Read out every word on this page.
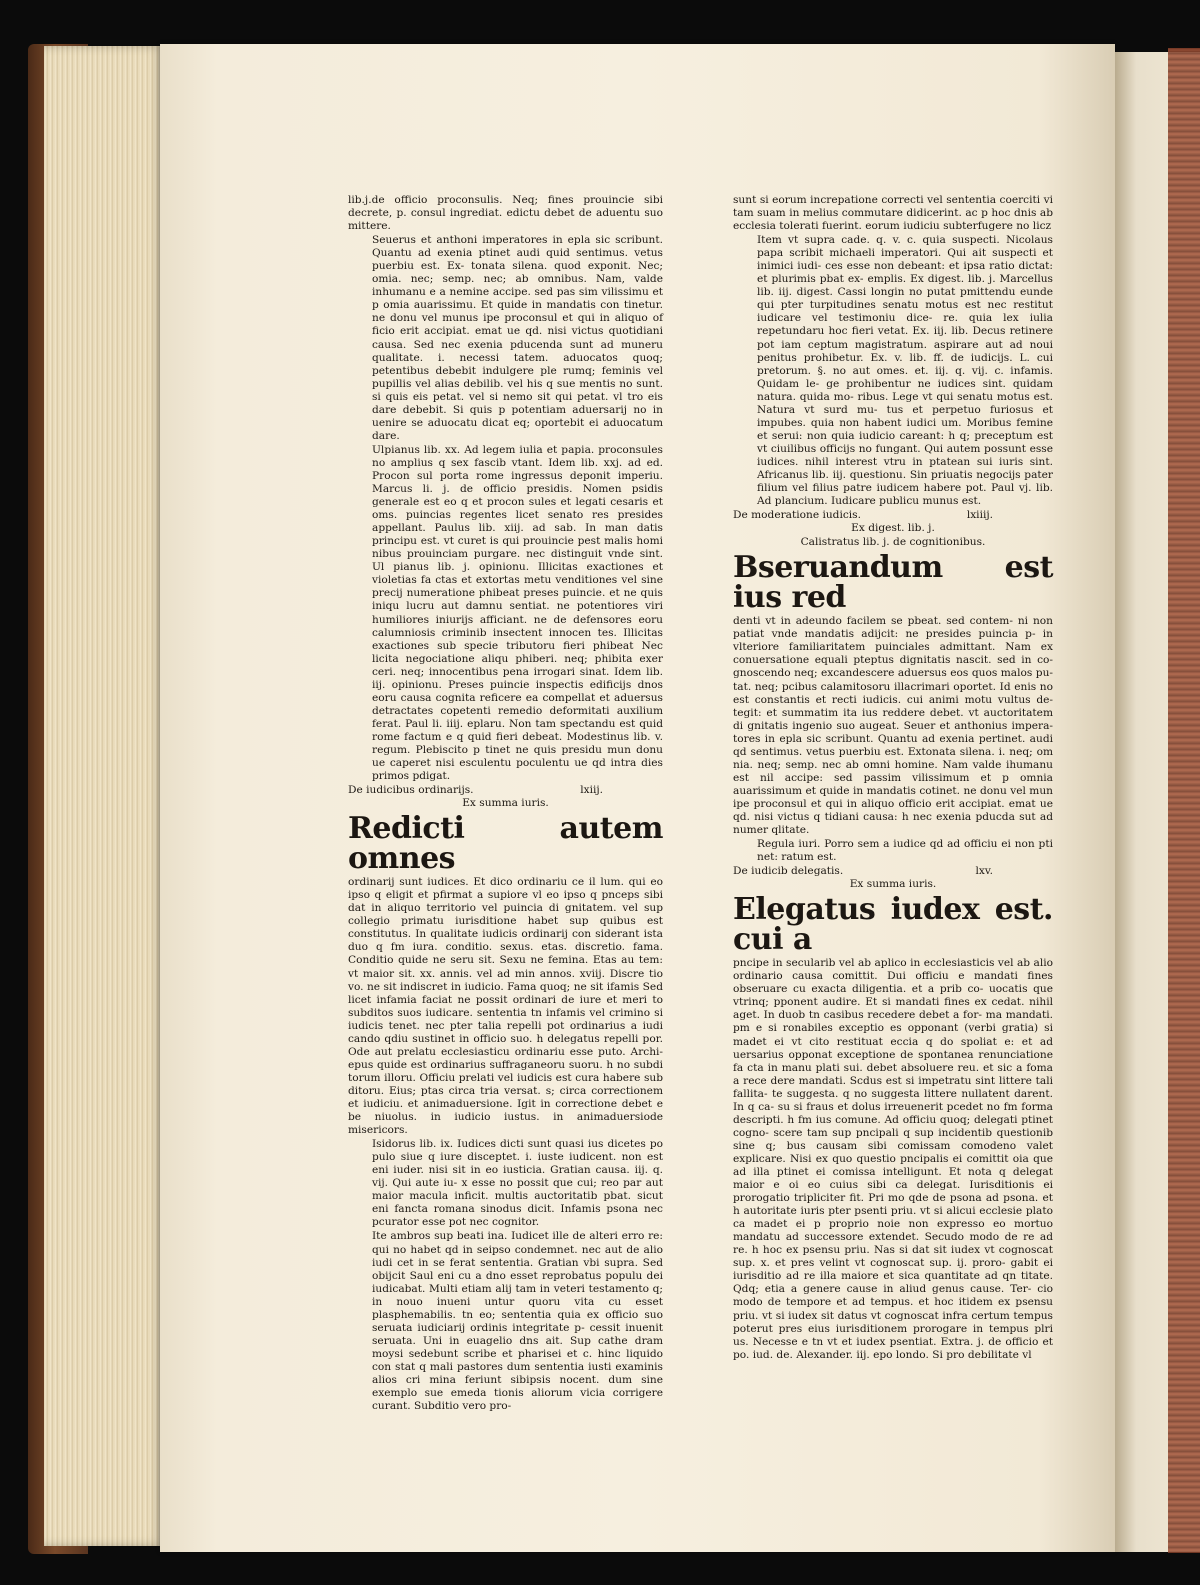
lib.j.de officio proconsulis. Neq; fines prouincie sibi decrete, p. consul ingrediat. edictu debet de aduentu suo mittere.

Seuerus et anthoni imperatores in epla sic scribunt. Quantu ad exenia ptinet audi quid sentimus. vetus puerbiu est. Ex- tonata silena. quod exponit. Nec; omia. nec; semp. nec; ab omnibus. Nam, valde inhumanu e a nemine accipe. sed pas sim vilissimu et p omia auarissimu. Et quide in mandatis con tinetur. ne donu vel munus ipe proconsul et qui in aliquo of ficio erit accipiat. emat ue qd. nisi victus quotidiani causa. Sed nec exenia pducenda sunt ad muneru qualitate. i. necessi tatem. aduocatos quoq; petentibus debebit indulgere ple rumq; feminis vel pupillis vel alias debilib. vel his q sue mentis no sunt. si quis eis petat. vel si nemo sit qui petat. vl tro eis dare debebit. Si quis p potentiam aduersarij no in uenire se aduocatu dicat eq; oportebit ei aduocatum dare.

Ulpianus lib. xx. Ad legem iulia et papia. proconsules no amplius q sex fascib vtant. Idem lib. xxj. ad ed. Procon sul porta rome ingressus deponit imperiu. Marcus li. j. de officio presidis. Nomen psidis generale est eo q et procon sules et legati cesaris et oms. puincias regentes licet senato res presides appellant. Paulus lib. xiij. ad sab. In man datis principu est. vt curet is qui prouincie pest malis homi nibus prouinciam purgare. nec distinguit vnde sint. Ul pianus lib. j. opinionu. Illicitas exactiones et violetias fa ctas et extortas metu venditiones vel sine precij numeratione phibeat preses puincie. et ne quis iniqu lucru aut damnu sentiat. ne potentiores viri humiliores iniurijs afficiant. ne de defensores eoru calumniosis criminib insectent innocen tes. Illicitas exactiones sub specie tributoru fieri phibeat Nec licita negociatione aliqu phiberi. neq; phibita exer ceri. neq; innocentibus pena irrogari sinat. Idem lib. iij. opinionu. Preses puincie inspectis edificijs dnos eoru causa cognita reficere ea compellat et aduersus detractates copetenti remedio deformitati auxilium ferat. Paul li. iiij. eplaru. Non tam spectandu est quid rome factum e q quid fieri debeat. Modestinus lib. v. regum. Plebiscito p tinet ne quis presidu mun donu ue caperet nisi esculentu poculentu ue qd intra dies primos pdigat.

De iudicibus ordinarijs.	lxiij.

Ex summa iuris.

Redicti autem omnes

ordinarij sunt iudices. Et dico ordinariu ce il lum. qui eo ipso q eligit et pfirmat a supiore vl eo ipso q pnceps sibi dat in aliquo territorio vel puincia di gnitatem. vel sup collegio primatu iurisditione habet sup quibus est constitutus. In qualitate iudicis ordinarij con siderant ista duo q fm iura. conditio. sexus. etas. discretio. fama. Conditio quide ne seru sit. Sexu ne femina. Etas au tem: vt maior sit. xx. annis. vel ad min annos. xviij. Discre tio vo. ne sit indiscret in iudicio. Fama quoq; ne sit ifamis Sed licet infamia faciat ne possit ordinari de iure et meri to subditos suos iudicare. sententia tn infamis vel crimino si iudicis tenet. nec pter talia repelli pot ordinarius a iudi cando qdiu sustinet in officio suo. h delegatus repelli por. Ode aut prelatu ecclesiasticu ordinariu esse puto. Archi- epus quide est ordinarius suffraganeoru suoru. h no subdi torum illoru. Officiu prelati vel iudicis est cura habere sub ditoru. Eius; ptas circa tria versat. s; circa correctionem et iudiciu. et animaduersione. Igit in correctione debet e be niuolus. in iudicio iustus. in animaduersiode misericors.

Isidorus lib. ix. Iudices dicti sunt quasi ius dicetes po pulo siue q iure disceptet. i. iuste iudicent. non est eni iuder. nisi sit in eo iusticia. Gratian causa. iij. q. vij. Qui aute iu- x esse no possit que cui; reo par aut maior macula inficit. multis auctoritatib pbat. sicut eni fancta romana sinodus dicit. Infamis psona nec pcurator esse pot nec cognitor.

Ite ambros sup beati ina. Iudicet ille de alteri erro re: qui no habet qd in seipso condemnet. nec aut de alio iudi cet in se ferat sententia. Gratian vbi supra. Sed obijcit Saul eni cu a dno esset reprobatus populu dei iudicabat. Multi etiam alij tam in veteri testamento q; in nouo inueni untur quoru vita cu esset plasphemabilis. tn eo; sententia quia ex officio suo seruata iudiciarij ordinis integritate p- cessit inuenit seruata. Uni in euagelio dns ait. Sup cathe dram moysi sedebunt scribe et pharisei et c. hinc liquido con stat q mali pastores dum sententia iusti examinis alios cri mina feriunt sibipsis nocent. dum sine exemplo sue emeda tionis aliorum vicia corrigere curant. Subditio vero pro-

sunt si eorum increpatione correcti vel sententia coerciti vi tam suam in melius commutare didicerint. ac p hoc dnis ab ecclesia tolerati fuerint. eorum iudiciu subterfugere no licz

Item vt supra cade. q. v. c. quia suspecti. Nicolaus papa scribit michaeli imperatori. Qui ait suspecti et inimici iudi- ces esse non debeant: et ipsa ratio dictat: et plurimis pbat ex- emplis. Ex digest. lib. j. Marcellus lib. iij. digest. Cassi longin no putat pmittendu eunde qui pter turpitudines senatu motus est nec restitut iudicare vel testimoniu dice- re. quia lex iulia repetundaru hoc fieri vetat. Ex. iij. lib. Decus retinere pot iam ceptum magistratum. aspirare aut ad noui penitus prohibetur. Ex. v. lib. ff. de iudicijs. L. cui pretorum. §. no aut omes. et. iij. q. vij. c. infamis. Quidam le- ge prohibentur ne iudices sint. quidam natura. quida mo- ribus. Lege vt qui senatu motus est. Natura vt surd mu- tus et perpetuo furiosus et impubes. quia non habent iudici um. Moribus femine et serui: non quia iudicio careant: h q; preceptum est vt ciuilibus officijs no fungant. Qui autem possunt esse iudices. nihil interest vtru in ptatean sui iuris sint. Africanus lib. iij. questionu. Sin priuatis negocijs pater filium vel filius patre iudicem habere pot. Paul vj. lib. Ad plancium. Iudicare publicu munus est.

De moderatione iudicis.	lxiiij.

Ex digest. lib. j.

Calistratus lib. j. de cognitionibus.

Bseruandum est ius red

denti vt in adeundo facilem se pbeat. sed contem- ni non patiat vnde mandatis adijcit: ne presides puincia p- in vlteriore familiaritatem puinciales admittant. Nam ex conuersatione equali pteptus dignitatis nascit. sed in co- gnoscendo neq; excandescere aduersus eos quos malos pu- tat. neq; pcibus calamitosoru illacrimari oportet. Id enis no est constantis et recti iudicis. cui animi motu vultus de- tegit: et summatim ita ius reddere debet. vt auctoritatem di gnitatis ingenio suo augeat. Seuer et anthonius impera- tores in epla sic scribunt. Quantu ad exenia pertinet. audi qd sentimus. vetus puerbiu est. Extonata silena. i. neq; om nia. neq; semp. nec ab omni homine. Nam valde ihumanu est nil accipe: sed passim vilissimum et p omnia auarissimum et quide in mandatis cotinet. ne donu vel mun ipe proconsul et qui in aliquo officio erit accipiat. emat ue qd. nisi victus q tidiani causa: h nec exenia pducda sut ad numer qlitate.

Regula iuri. Porro sem a iudice qd ad officiu ei non pti net: ratum est.

De iudicib delegatis.	lxv.

Ex summa iuris.

Elegatus iudex est. cui a

pncipe in secularib vel ab aplico in ecclesiasticis vel ab alio ordinario causa comittit. Dui officiu e mandati fines obseruare cu exacta diligentia. et a prib co- uocatis que vtrinq; pponent audire. Et si mandati fines ex cedat. nihil aget. In duob tn casibus recedere debet a for- ma mandati. pm e si ronabiles exceptio es opponant (verbi gratia) si madet ei vt cito restituat eccia q do spoliat e: et ad uersarius opponat exceptione de spontanea renunciatione fa cta in manu plati sui. debet absoluere reu. et sic a foma a rece dere mandati. Scdus est si impetratu sint littere tali fallita- te suggesta. q no suggesta littere nullatent darent. In q ca- su si fraus et dolus irreuenerit pcedet no fm forma descripti. h fm ius comune. Ad officiu quoq; delegati ptinet cogno- scere tam sup pncipali q sup incidentib questionib sine q; bus causam sibi comissam comodeno valet explicare. Nisi ex quo questio pncipalis ei comittit oia que ad illa ptinet ei comissa intelligunt. Et nota q delegat maior e oi eo cuius sibi ca delegat. Iurisditionis ei prorogatio tripliciter fit. Pri mo qde de psona ad psona. et h autoritate iuris pter psenti priu. vt si alicui ecclesie plato ca madet ei p proprio noie non expresso eo mortuo mandatu ad successore extendet. Secudo modo de re ad re. h hoc ex psensu priu. Nas si dat sit iudex vt cognoscat sup. x. et pres velint vt cognoscat sup. ij. proro- gabit ei iurisditio ad re illa maiore et sica quantitate ad qn titate. Qdq; etia a genere cause in aliud genus cause. Ter- cio modo de tempore et ad tempus. et hoc itidem ex psensu priu. vt si iudex sit datus vt cognoscat infra certum tempus poterut pres eius iurisditionem prorogare in tempus plri us. Necesse e tn vt et iudex psentiat. Extra. j. de officio et po. iud. de. Alexander. iij. epo londo. Si pro debilitate vl
